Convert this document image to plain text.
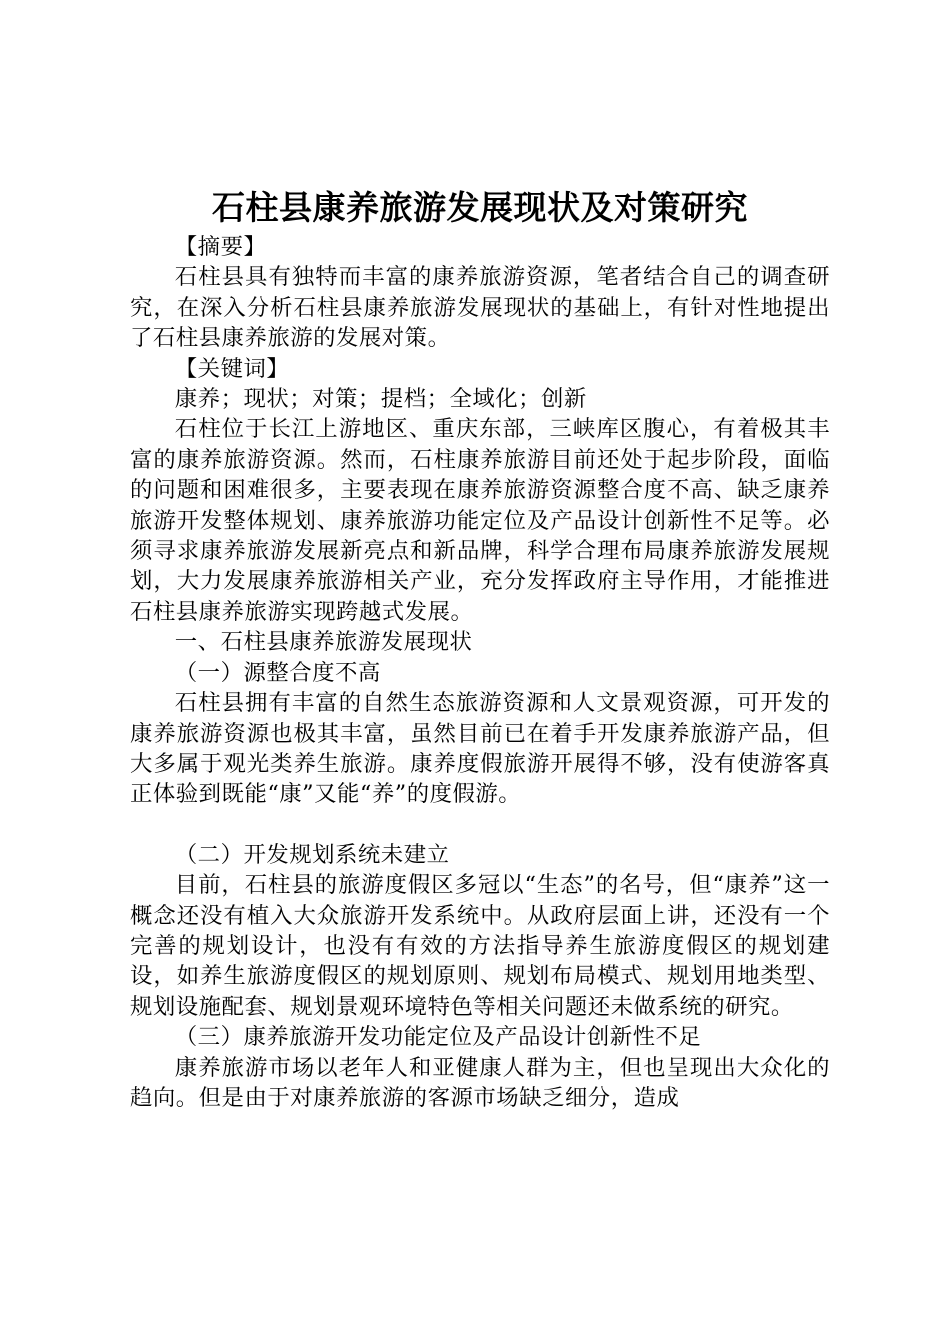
石柱县康养旅游发展现状及对策研究

【摘要】

石柱县具有独特而丰富的康养旅游资源，笔者结合自己的调查研究，在深入分析石柱县康养旅游发展现状的基础上，有针对性地提出了石柱县康养旅游的发展对策。

【关键词】

康养；现状；对策；提档；全域化；创新

石柱位于长江上游地区、重庆东部，三峡库区腹心，有着极其丰富的康养旅游资源。然而，石柱康养旅游目前还处于起步阶段，面临的问题和困难很多，主要表现在康养旅游资源整合度不高、缺乏康养旅游开发整体规划、康养旅游功能定位及产品设计创新性不足等。必须寻求康养旅游发展新亮点和新品牌，科学合理布局康养旅游发展规划，大力发展康养旅游相关产业，充分发挥政府主导作用，才能推进石柱县康养旅游实现跨越式发展。

一、石柱县康养旅游发展现状

（一）源整合度不高

石柱县拥有丰富的自然生态旅游资源和人文景观资源，可开发的康养旅游资源也极其丰富，虽然目前已在着手开发康养旅游产品，但大多属于观光类养生旅游。康养度假旅游开展得不够，没有使游客真正体验到既能“康”又能“养”的度假游。

（二）开发规划系统未建立

目前，石柱县的旅游度假区多冠以“生态”的名号，但“康养”这一概念还没有植入大众旅游开发系统中。从政府层面上讲，还没有一个完善的规划设计，也没有有效的方法指导养生旅游度假区的规划建设，如养生旅游度假区的规划原则、规划布局模式、规划用地类型、规划设施配套、规划景观环境特色等相关问题还未做系统的研究。

（三）康养旅游开发功能定位及产品设计创新性不足

康养旅游市场以老年人和亚健康人群为主，但也呈现出大众化的趋向。但是由于对康养旅游的客源市场缺乏细分，造成
